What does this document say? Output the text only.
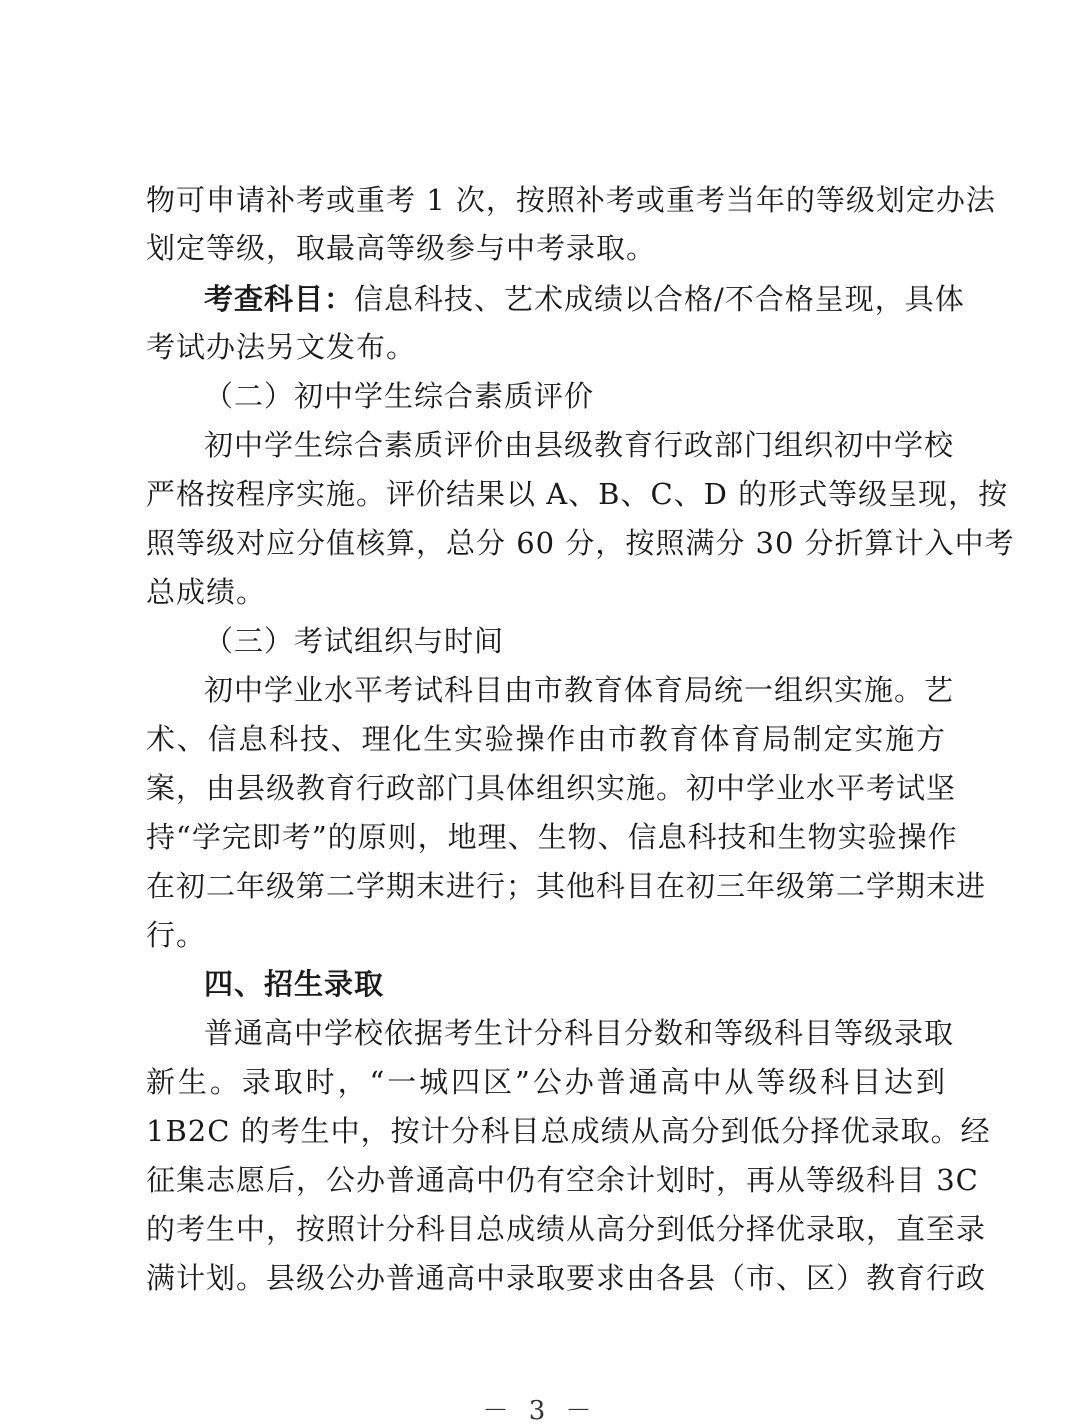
物可申请补考或重考 1 次，按照补考或重考当年的等级划定办法
划定等级，取最高等级参与中考录取。
考查科目：信息科技、艺术成绩以合格/不合格呈现，具体
考试办法另文发布。
（二）初中学生综合素质评价
初中学生综合素质评价由县级教育行政部门组织初中学校
严格按程序实施。评价结果以 A、B、C、D 的形式等级呈现，按
照等级对应分值核算，总分 60 分，按照满分 30 分折算计入中考
总成绩。
（三）考试组织与时间
初中学业水平考试科目由市教育体育局统一组织实施。艺
术、信息科技、理化生实验操作由市教育体育局制定实施方
案，由县级教育行政部门具体组织实施。初中学业水平考试坚
持“学完即考”的原则，地理、生物、信息科技和生物实验操作
在初二年级第二学期末进行；其他科目在初三年级第二学期末进
行。
四、招生录取
普通高中学校依据考生计分科目分数和等级科目等级录取
新生。录取时，“一城四区”公办普通高中从等级科目达到
1B2C 的考生中，按计分科目总成绩从高分到低分择优录取。经
征集志愿后，公办普通高中仍有空余计划时，再从等级科目 3C
的考生中，按照计分科目总成绩从高分到低分择优录取，直至录
满计划。县级公办普通高中录取要求由各县（市、区）教育行政
－ 3 －
